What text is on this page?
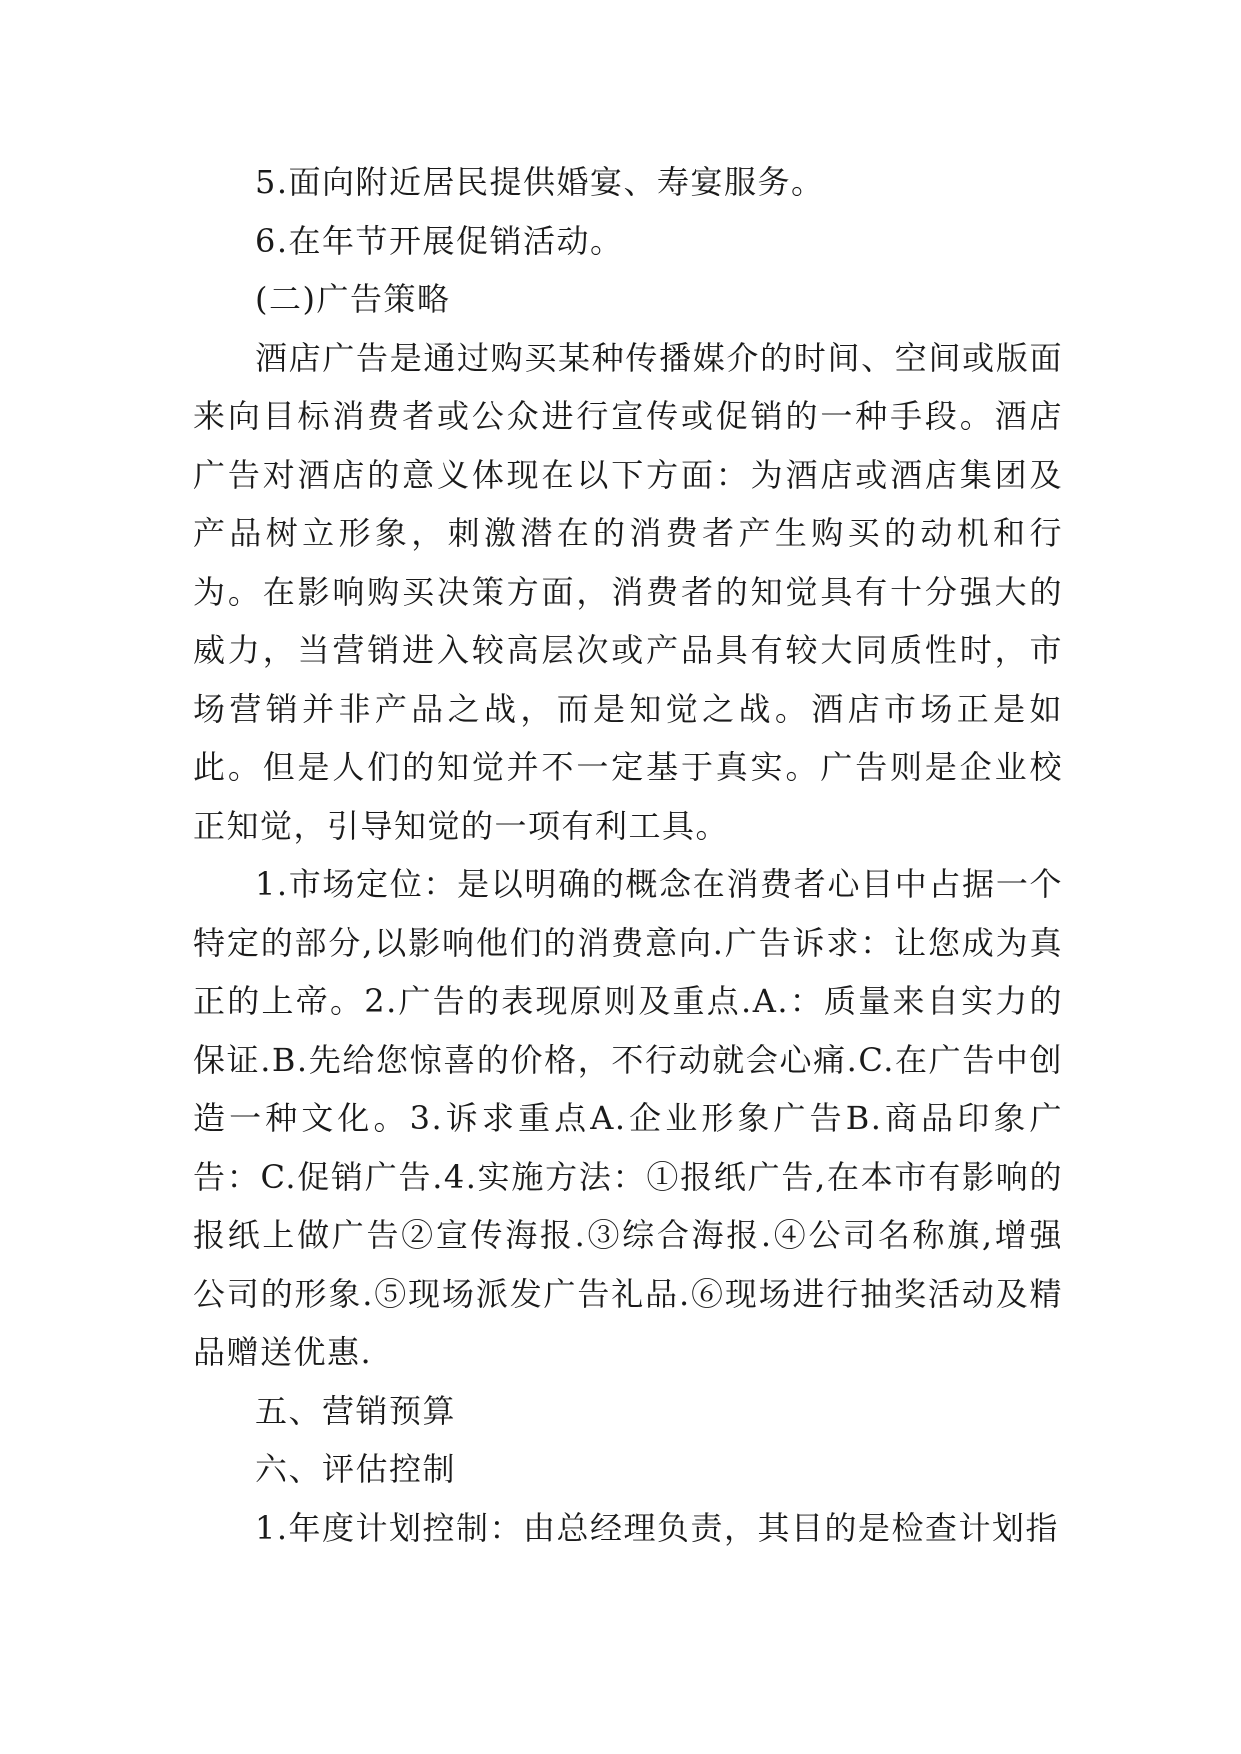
5.面向附近居民提供婚宴、寿宴服务。

6.在年节开展促销活动。

(二)广告策略

酒店广告是通过购买某种传播媒介的时间、空间或版面来向目标消费者或公众进行宣传或促销的一种手段。酒店广告对酒店的意义体现在以下方面：为酒店或酒店集团及产品树立形象，刺激潜在的消费者产生购买的动机和行为。在影响购买决策方面，消费者的知觉具有十分强大的威力，当营销进入较高层次或产品具有较大同质性时，市场营销并非产品之战，而是知觉之战。酒店市场正是如此。但是人们的知觉并不一定基于真实。广告则是企业校正知觉，引导知觉的一项有利工具。

1.市场定位：是以明确的概念在消费者心目中占据一个特定的部分,以影响他们的消费意向.广告诉求：让您成为真正的上帝。2.广告的表现原则及重点.A.：质量来自实力的保证.B.先给您惊喜的价格，不行动就会心痛.C.在广告中创造一种文化。3.诉求重点A.企业形象广告B.商品印象广告：C.促销广告.4.实施方法：①报纸广告,在本市有影响的报纸上做广告②宣传海报.③综合海报.④公司名称旗,增强公司的形象.⑤现场派发广告礼品.⑥现场进行抽奖活动及精品赠送优惠.

五、营销预算

六、评估控制

1.年度计划控制：由总经理负责，其目的是检查计划指
